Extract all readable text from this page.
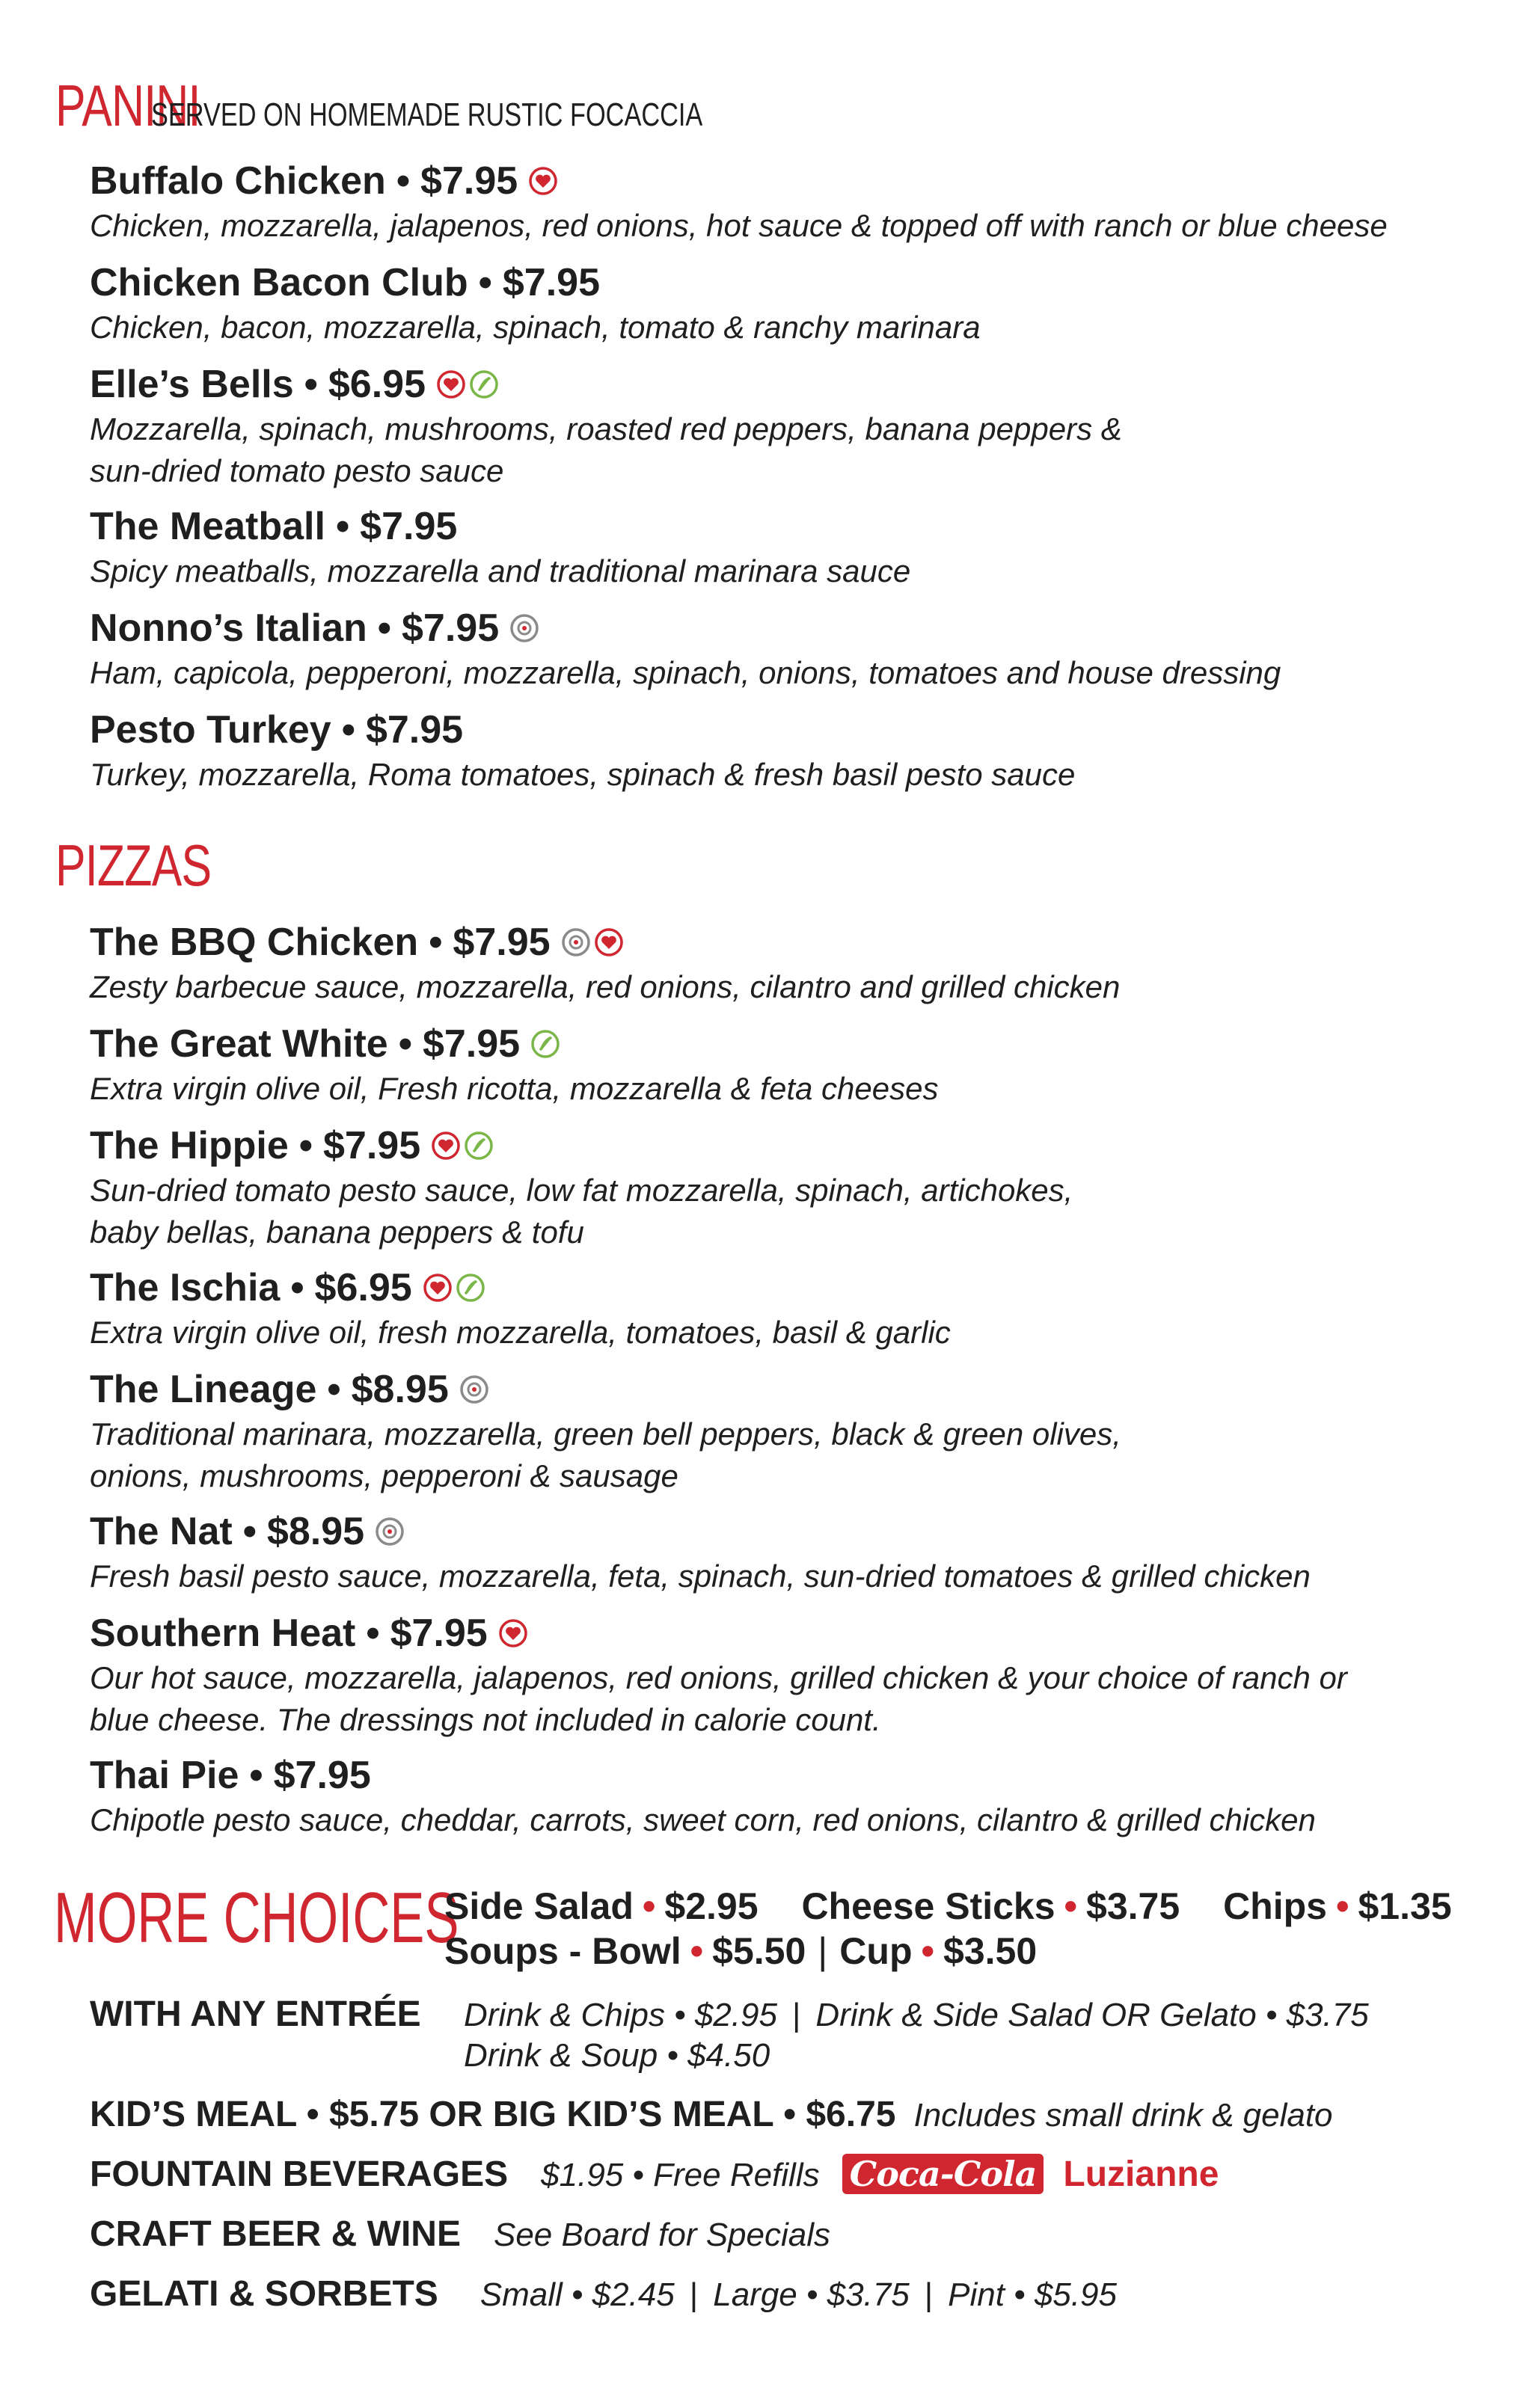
PANINI
SERVED ON HOMEMADE RUSTIC FOCACCIA
Buffalo Chicken • $7.95
Chicken, mozzarella, jalapenos, red onions, hot sauce & topped off with ranch or blue cheese
Chicken Bacon Club • $7.95
Chicken, bacon, mozzarella, spinach, tomato & ranchy marinara
Elle’s Bells • $6.95
Mozzarella, spinach, mushrooms, roasted red peppers, banana peppers &
sun-dried tomato pesto sauce
The Meatball • $7.95
Spicy meatballs, mozzarella and traditional marinara sauce
Nonno’s Italian • $7.95
Ham, capicola, pepperoni, mozzarella, spinach, onions, tomatoes and house dressing
Pesto Turkey • $7.95
Turkey, mozzarella, Roma tomatoes, spinach & fresh basil pesto sauce
PIZZAS
The BBQ Chicken • $7.95
Zesty barbecue sauce, mozzarella, red onions, cilantro and grilled chicken
The Great White • $7.95
Extra virgin olive oil, Fresh ricotta, mozzarella & feta cheeses
The Hippie • $7.95
Sun-dried tomato pesto sauce, low fat mozzarella, spinach, artichokes,
baby bellas, banana peppers & tofu
The Ischia • $6.95
Extra virgin olive oil, fresh mozzarella, tomatoes, basil & garlic
The Lineage • $8.95
Traditional marinara, mozzarella, green bell peppers, black & green olives,
onions, mushrooms, pepperoni & sausage
The Nat • $8.95
Fresh basil pesto sauce, mozzarella, feta, spinach, sun-dried tomatoes & grilled chicken
Southern Heat • $7.95
Our hot sauce, mozzarella, jalapenos, red onions, grilled chicken & your choice of ranch or
blue cheese. The dressings not included in calorie count.
Thai Pie • $7.95
Chipotle pesto sauce, cheddar, carrots, sweet corn, red onions, cilantro & grilled chicken
MORE CHOICES
Side Salad • $2.95 Cheese Sticks • $3.75 Chips • $1.35
Soups - Bowl • $5.50 | Cup • $3.50
WITH ANY ENTRÉE	Drink & Chips • $2.95 | Drink & Side Salad OR Gelato • $3.75
Drink & Soup • $4.50
KID’S MEAL • $5.75 OR BIG KID’S MEAL • $6.75 Includes small drink & gelato
FOUNTAIN BEVERAGES $1.95 • Free Refills Coca-Cola Luzianne
CRAFT BEER & WINE See Board for Specials
GELATI & SORBETS Small • $2.45 | Large • $3.75 | Pint • $5.95
